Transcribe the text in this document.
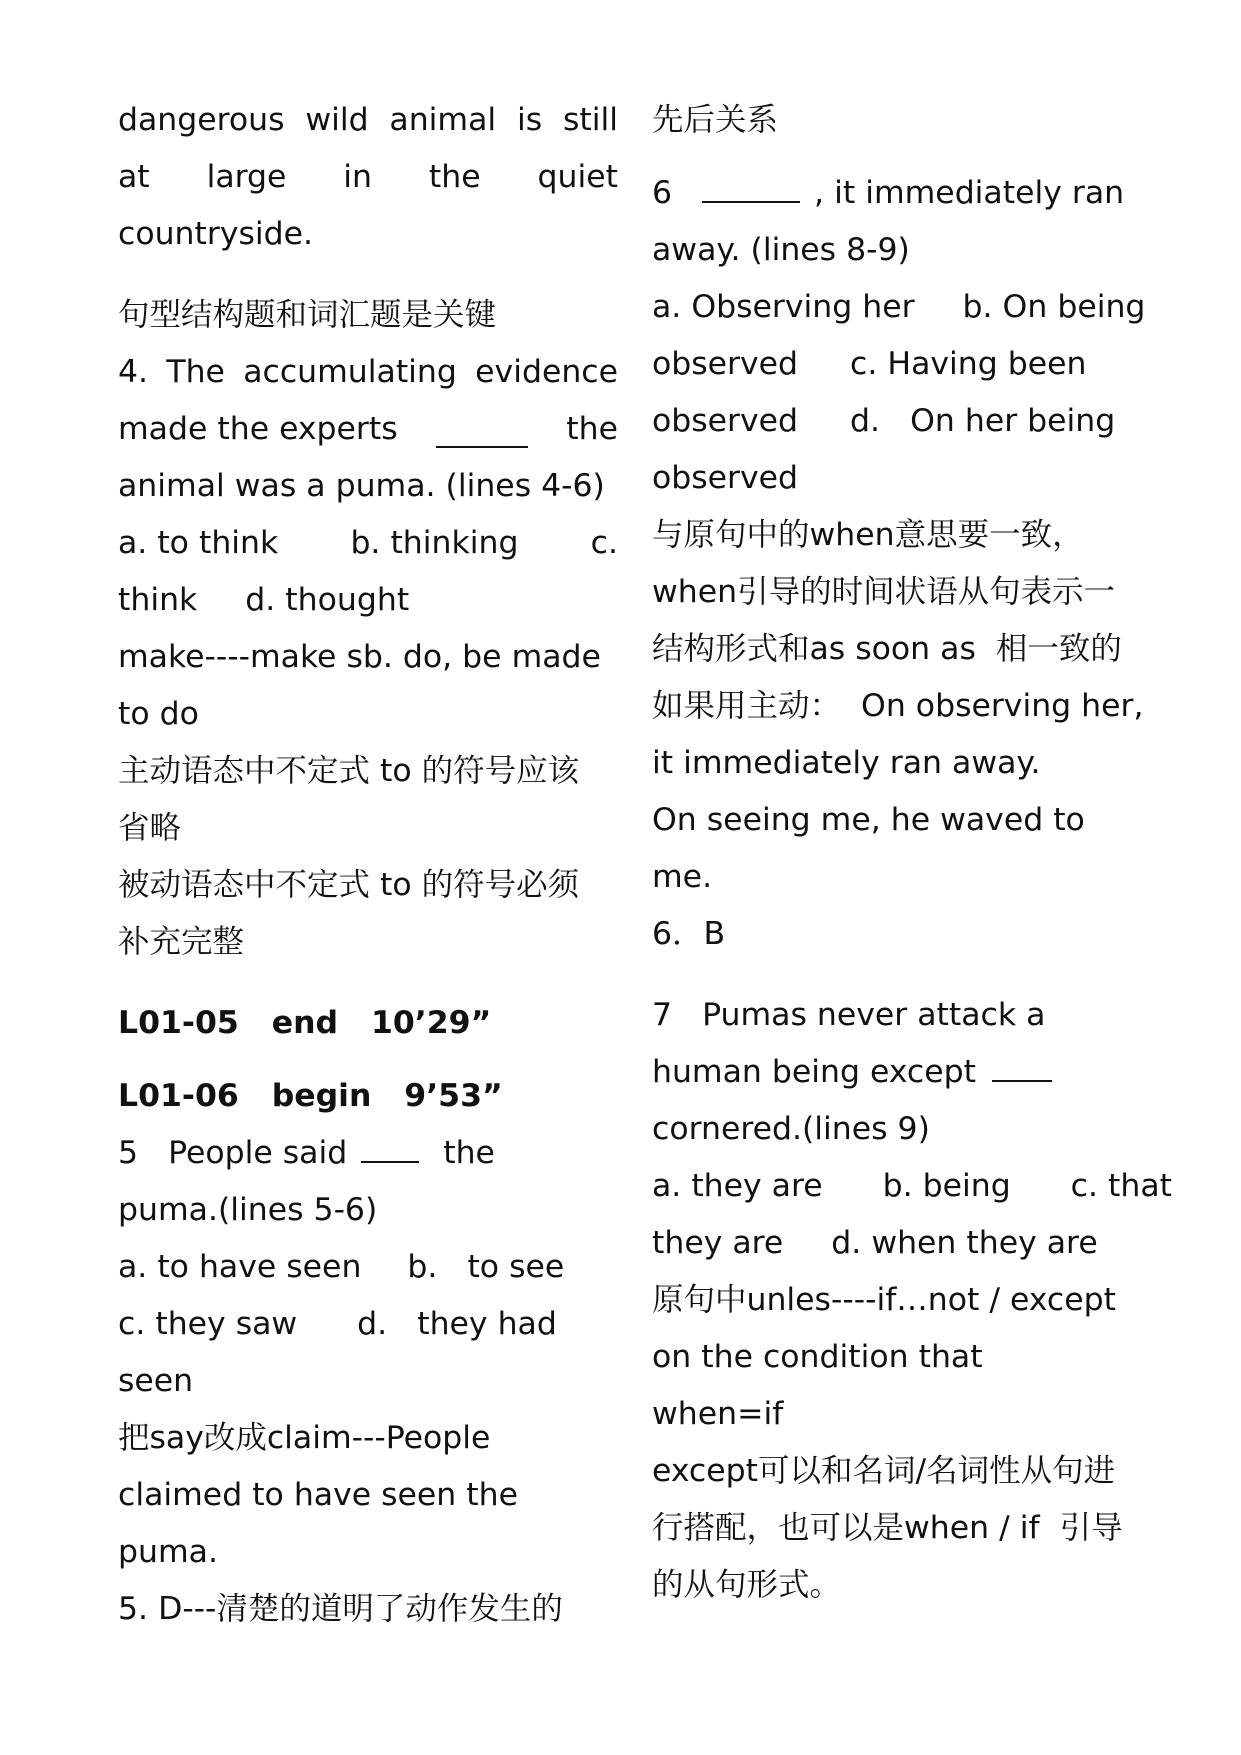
dangerous wild animal is still
at large in the quiet
countryside.
句型结构题和词汇题是关键
4. The accumulating evidence
made the experts	the
animal was a puma. (lines 4-6)
a. to think b. thinking c.
think d. thought
make----make sb. do, be made
to do
主动语态中不定式 to 的符号应该
省略
被动语态中不定式 to 的符号必须
补充完整
L01-05   end   10’29”
L01-06   begin   9’53”
5   People said	the
puma.(lines 5-6)
a. to have seen b.   to see
c. they saw d.   they had
seen
把say改成claim---People
claimed to have seen the
puma.
5. D---清楚的道明了动作发生的
先后关系
6	, it immediately ran
away. (lines 8-9)
a. Observing her b. On being
observed c. Having been
observed d.   On her being
observed
与原句中的when意思要一致，
when引导的时间状语从句表示一
结构形式和as soon as  相一致的
如果用主动：  On observing her,
it immediately ran away.
On seeing me, he waved to
me.
6．B
7   Pumas never attack a
human being except
cornered.(lines 9)
a. they are b. being c. that
they are d. when they are
原句中unles----if…not / except
on the condition that
when=if
except可以和名词/名词性从句进
行搭配，也可以是when / if  引导
的从句形式。
